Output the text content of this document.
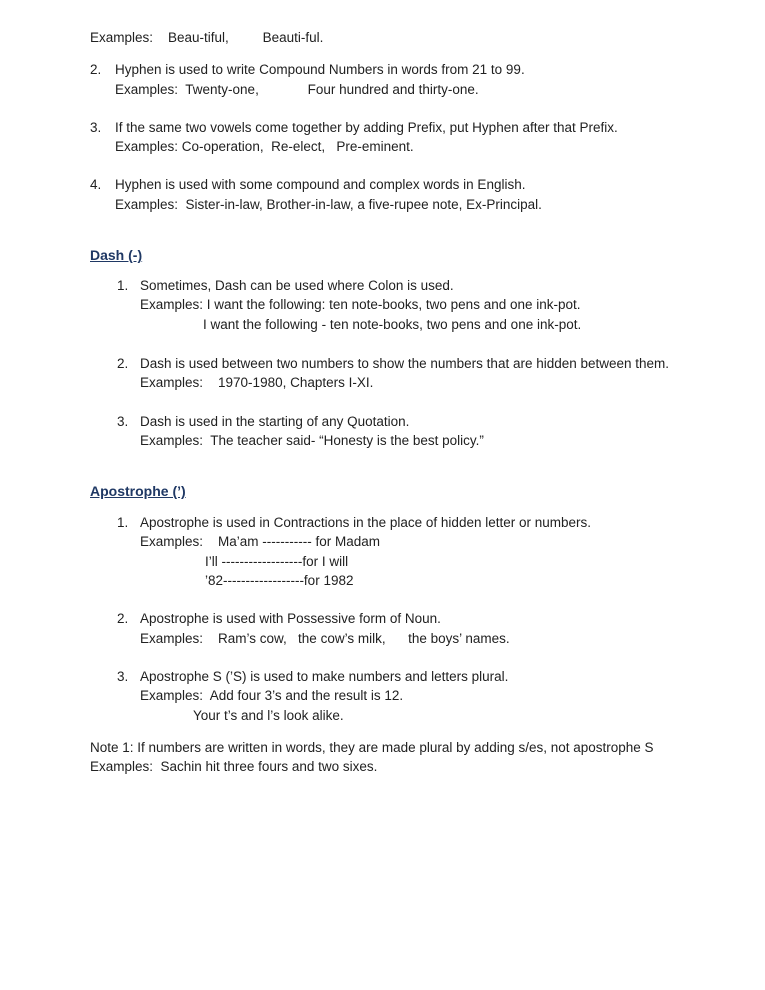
Examples:    Beau-tiful,         Beauti-ful.

2.	Hyphen is used to write Compound Numbers in words from 21 to 99.
Examples:  Twenty-one,             Four hundred and thirty-one.
3.	If the same two vowels come together by adding Prefix, put Hyphen after that Prefix.
Examples: Co-operation,  Re-elect,   Pre-eminent.
4.	Hyphen is used with some compound and complex words in English.
Examples:  Sister-in-law, Brother-in-law, a five-rupee note, Ex-Principal.
Dash (-)
1. Sometimes, Dash can be used where Colon is used.
Examples: I want the following: ten note-books, two pens and one ink-pot.
I want the following - ten note-books, two pens and one ink-pot.
2. Dash is used between two numbers to show the numbers that are hidden between them.
Examples:    1970-1980, Chapters I-XI.
3. Dash is used in the starting of any Quotation.
Examples:  The teacher said- “Honesty is the best policy.”
Apostrophe (’)
1. Apostrophe is used in Contractions in the place of hidden letter or numbers.
Examples:    Ma’am ----------- for Madam
I’ll ------------------for I will
’82------------------for 1982
2. Apostrophe is used with Possessive form of Noun.
Examples:    Ram’s cow,   the cow’s milk,      the boys’ names.
3. Apostrophe S (’S) is used to make numbers and letters plural.
Examples:  Add four 3’s and the result is 12.
Your t’s and l’s look alike.

Note 1: If numbers are written in words, they are made plural by adding s/es, not apostrophe S

Examples:  Sachin hit three fours and two sixes.
